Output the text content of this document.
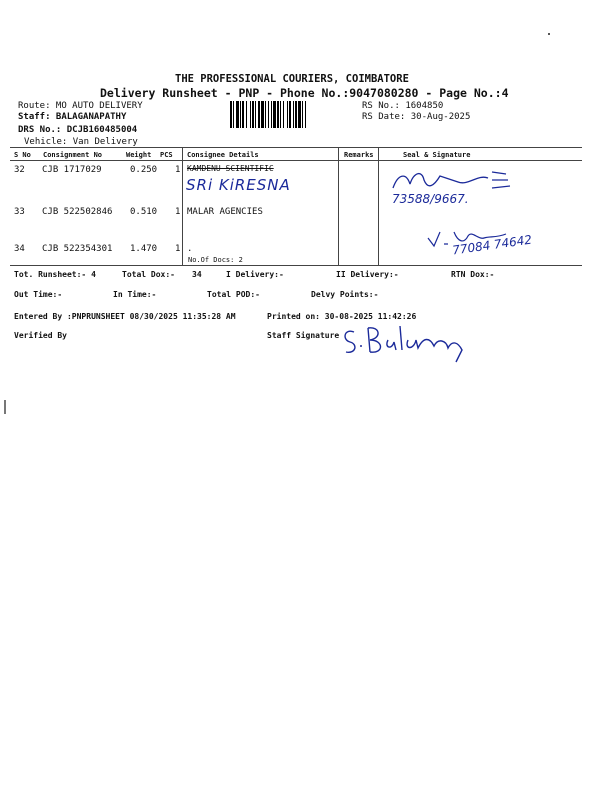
THE PROFESSIONAL COURIERS, COIMBATORE
Delivery Runsheet - PNP - Phone No.:9047080280 - Page No.:4
Route: MO AUTO DELIVERY
Staff: BALAGANAPATHY
DRS No.: DCJB160485004
Vehicle: Van Delivery
RS No.: 1604850
RS Date: 30-Aug-2025
S No Consignment No	Weight PCS Consignee Details	Remarks	Seal & Signature
32 CJB 1717029	0.250 1 KAMDENU SCIENTIFIC
SRi KiRESNA
73588/9667.
33 CJB 522502846 0.510 1 MALAR AGENCIES
34 CJB 522354301 1.470 1 .
No.Of Docs: 2
77084 74642
Tot. Runsheet:- 4	Total Dox:- 34	I Delivery:-	II Delivery:-	RTN Dox:-
Out Time:-	In Time:-	Total POD:-	Delvy Points:-
Entered By :PNPRUNSHEET 08/30/2025 11:35:28 AM	Printed on: 30-08-2025 11:42:26
Verified By	Staff Signature
